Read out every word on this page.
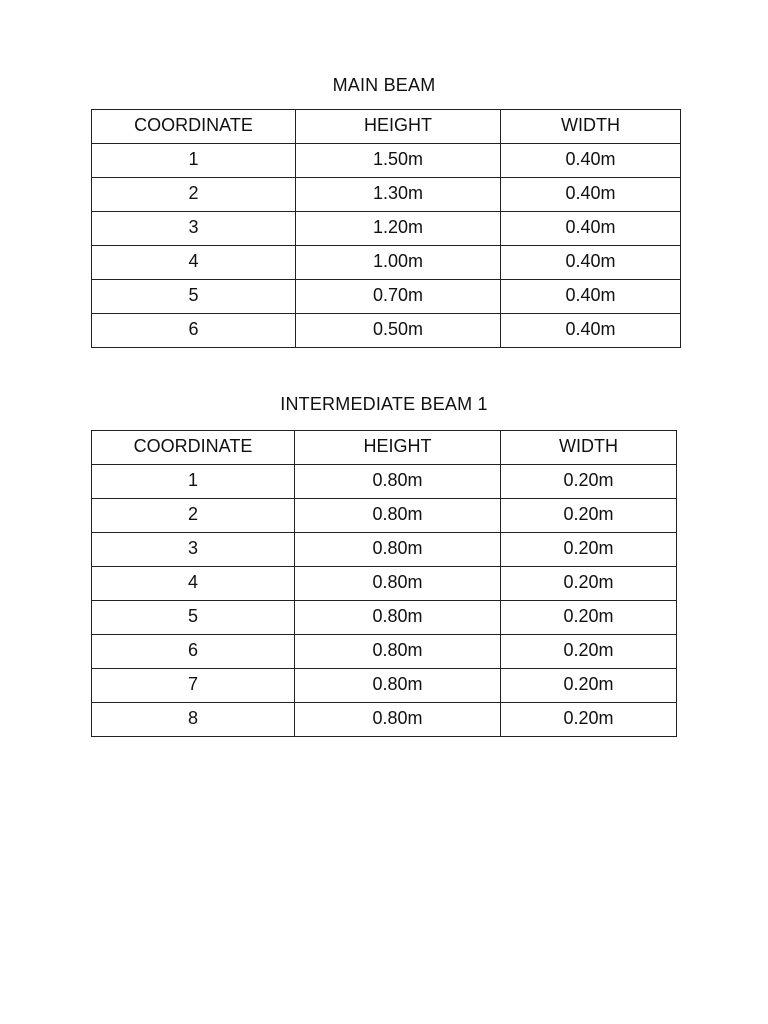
MAIN BEAM
COORDINATE	HEIGHT	WIDTH
1	1.50m	0.40m
2	1.30m	0.40m
3	1.20m	0.40m
4	1.00m	0.40m
5	0.70m	0.40m
6	0.50m	0.40m
INTERMEDIATE BEAM 1
COORDINATE	HEIGHT	WIDTH
1	0.80m	0.20m
2	0.80m	0.20m
3	0.80m	0.20m
4	0.80m	0.20m
5	0.80m	0.20m
6	0.80m	0.20m
7	0.80m	0.20m
8	0.80m	0.20m
